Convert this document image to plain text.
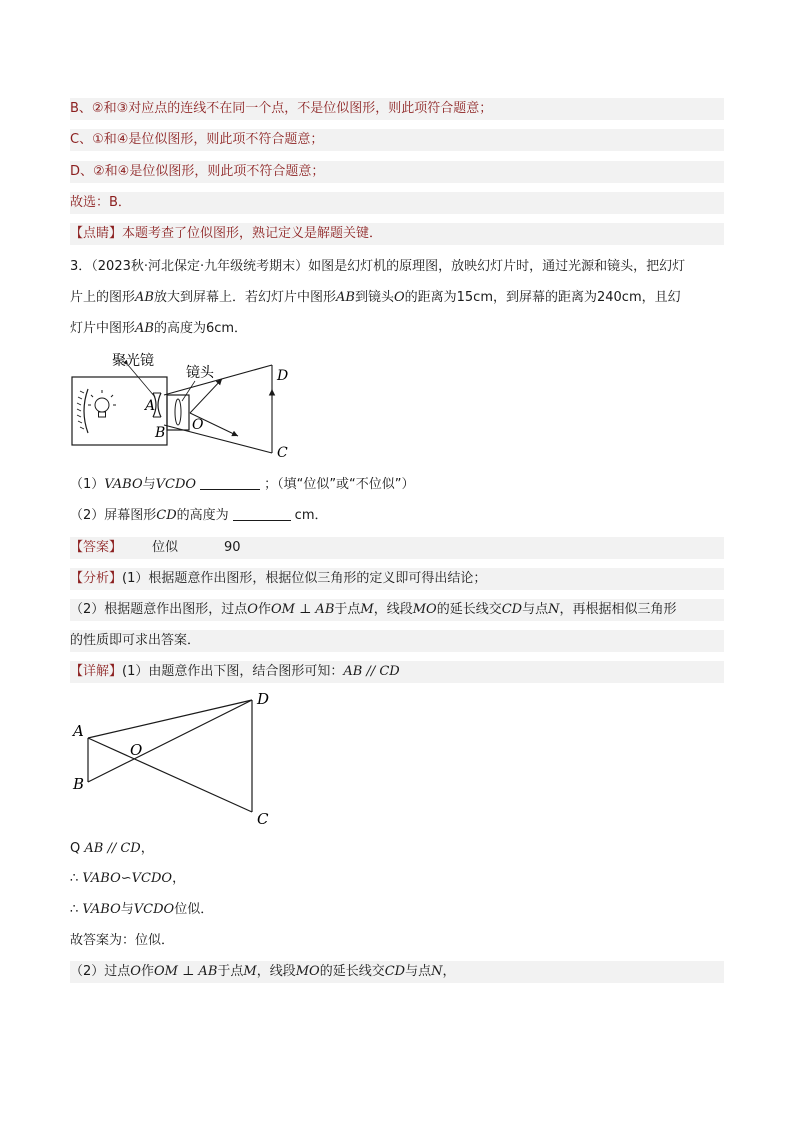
B、②和③对应点的连线不在同一个点，不是位似图形，则此项符合题意；
C、①和④是位似图形，则此项不符合题意；
D、②和④是位似图形，则此项不符合题意；
故选：B．
【点睛】本题考查了位似图形，熟记定义是解题关键．
3．（2023秋·河北保定·九年级统考期末）如图是幻灯机的原理图，放映幻灯片时，通过光源和镜头，把幻灯
片上的图形AB放大到屏幕上．若幻灯片中图形AB到镜头O的距离为15cm，到屏幕的距离为240cm，且幻
灯片中图形AB的高度为6cm．
聚光镜
镜头
A
B O
D
C
（1）VABO与VCDO	；（填“位似”或“不位似”）
（2）屏幕图形CD的高度为	cm．
【答案】 位似	90
【分析】(1）根据题意作出图形，根据位似三角形的定义即可得出结论；
（2）根据题意作出图形，过点O作OM ⊥ AB于点M，线段MO的延长线交CD与点N，再根据相似三角形
的性质即可求出答案．
【详解】(1）由题意作出下图，结合图形可知：AB // CD
A
B
O
D
C
Q AB // CD，
∴ VABO∽VCDO，
∴ VABO与VCDO位似．
故答案为：位似．
（2）过点O作OM ⊥ AB于点M，线段MO的延长线交CD与点N，
